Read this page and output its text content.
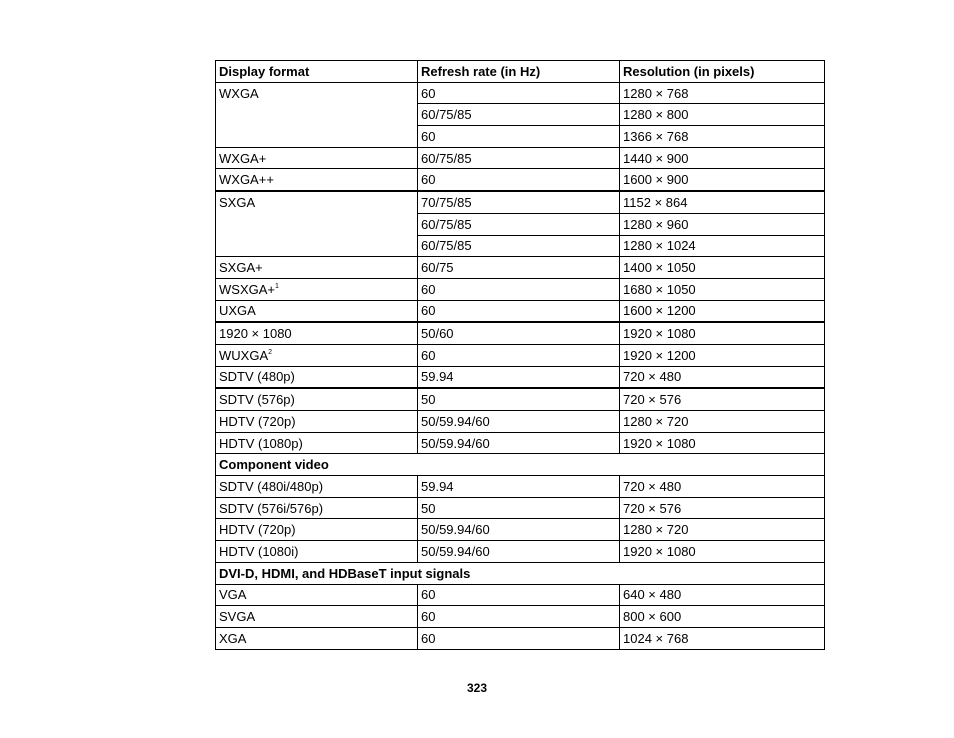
Display format	Refresh rate (in Hz)	Resolution (in pixels)
WXGA	60	1280 × 768
	60/75/85	1280 × 800
	60	1366 × 768
WXGA+	60/75/85	1440 × 900
WXGA++	60	1600 × 900
SXGA	70/75/85	1152 × 864
	60/75/85	1280 × 960
	60/75/85	1280 × 1024
SXGA+	60/75	1400 × 1050
WSXGA+$^1$	60	1680 × 1050
UXGA	60	1600 × 1200
1920 × 1080	50/60	1920 × 1080
WUXGA$^2$	60	1920 × 1200
SDTV (480p)	59.94	720 × 480
SDTV (576p)	50	720 × 576
HDTV (720p)	50/59.94/60	1280 × 720
HDTV (1080p)	50/59.94/60	1920 × 1080
Component video		
SDTV (480i/480p)	59.94	720 × 480
SDTV (576i/576p)	50	720 × 576
HDTV (720p)	50/59.94/60	1280 × 720
HDTV (1080i)	50/59.94/60	1920 × 1080
DVI-D, HDMI, and HDBaseT input signals		
VGA	60	640 × 480
SVGA	60	800 × 600
XGA	60	1024 × 768
323
